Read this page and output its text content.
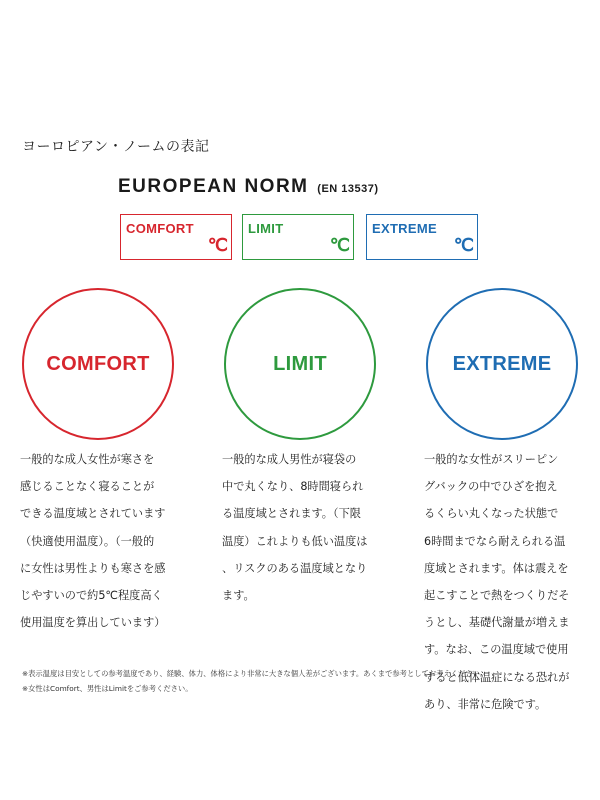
ヨーロピアン・ノームの表記
EUROPEAN NORM (EN 13537)
COMFORT
℃
LIMIT
℃
EXTREME
℃
COMFORT	LIMIT	EXTREME
一般的な成人女性が寒さを
感じることなく寝ることが
できる温度域とされています
（快適使用温度）。（一般的
に女性は男性よりも寒さを感
じやすいので約5℃程度高く
使用温度を算出しています）
一般的な成人男性が寝袋の
中で丸くなり、8時間寝られ
る温度域とされます。（下限
温度）これよりも低い温度は
、リスクのある温度域となり
ます。
一般的な女性がスリーピン
グバックの中でひざを抱え
るくらい丸くなった状態で
6時間までなら耐えられる温
度域とされます。体は震えを
起こすことで熱をつくりだそ
うとし、基礎代謝量が増えま
す。なお、この温度域で使用
すると低体温症になる恐れが
あり、非常に危険です。
※表示温度は目安としての参考温度であり、経験、体力、体格により非常に大きな個人差がございます。あくまで参考としてお考えください。
※女性はComfort、男性はLimitをご参考ください。
